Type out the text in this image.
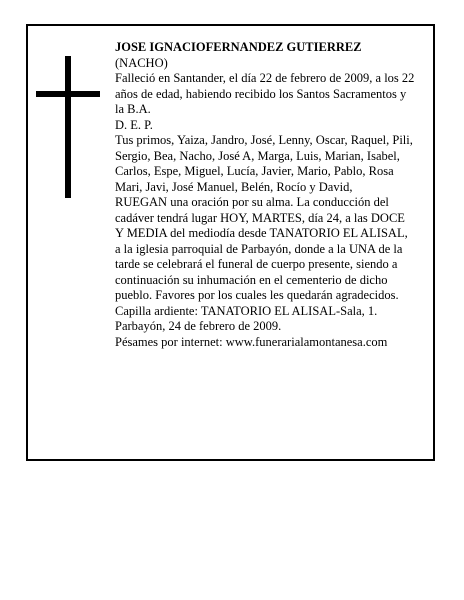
JOSE IGNACIOFERNANDEZ GUTIERREZ

(NACHO)

Falleció en Santander, el día 22 de febrero de 2009, a los 22 años de edad, habiendo recibido los Santos Sacramentos y la B.A.

D. E. P.

Tus primos, Yaiza, Jandro, José, Lenny, Oscar, Raquel, Pili, Sergio, Bea, Nacho, José A, Marga, Luis, Marian, Isabel, Carlos, Espe, Miguel, Lucía, Javier, Mario, Pablo, Rosa Mari, Javi, José Manuel, Belén, Rocío y David,

RUEGAN una oración por su alma. La conducción del cadáver tendrá lugar HOY, MARTES, día 24, a las DOCE Y MEDIA del mediodía desde TANATORIO EL ALISAL, a la iglesia parroquial de Parbayón, donde a la UNA de la tarde se celebrará el funeral de cuerpo presente, siendo a continuación su inhumación en el cementerio de dicho pueblo. Favores por los cuales les quedarán agradecidos.

Capilla ardiente: TANATORIO EL ALISAL-Sala, 1.

Parbayón, 24 de febrero de 2009.

Pésames por internet: www.funerarialamontanesa.com
